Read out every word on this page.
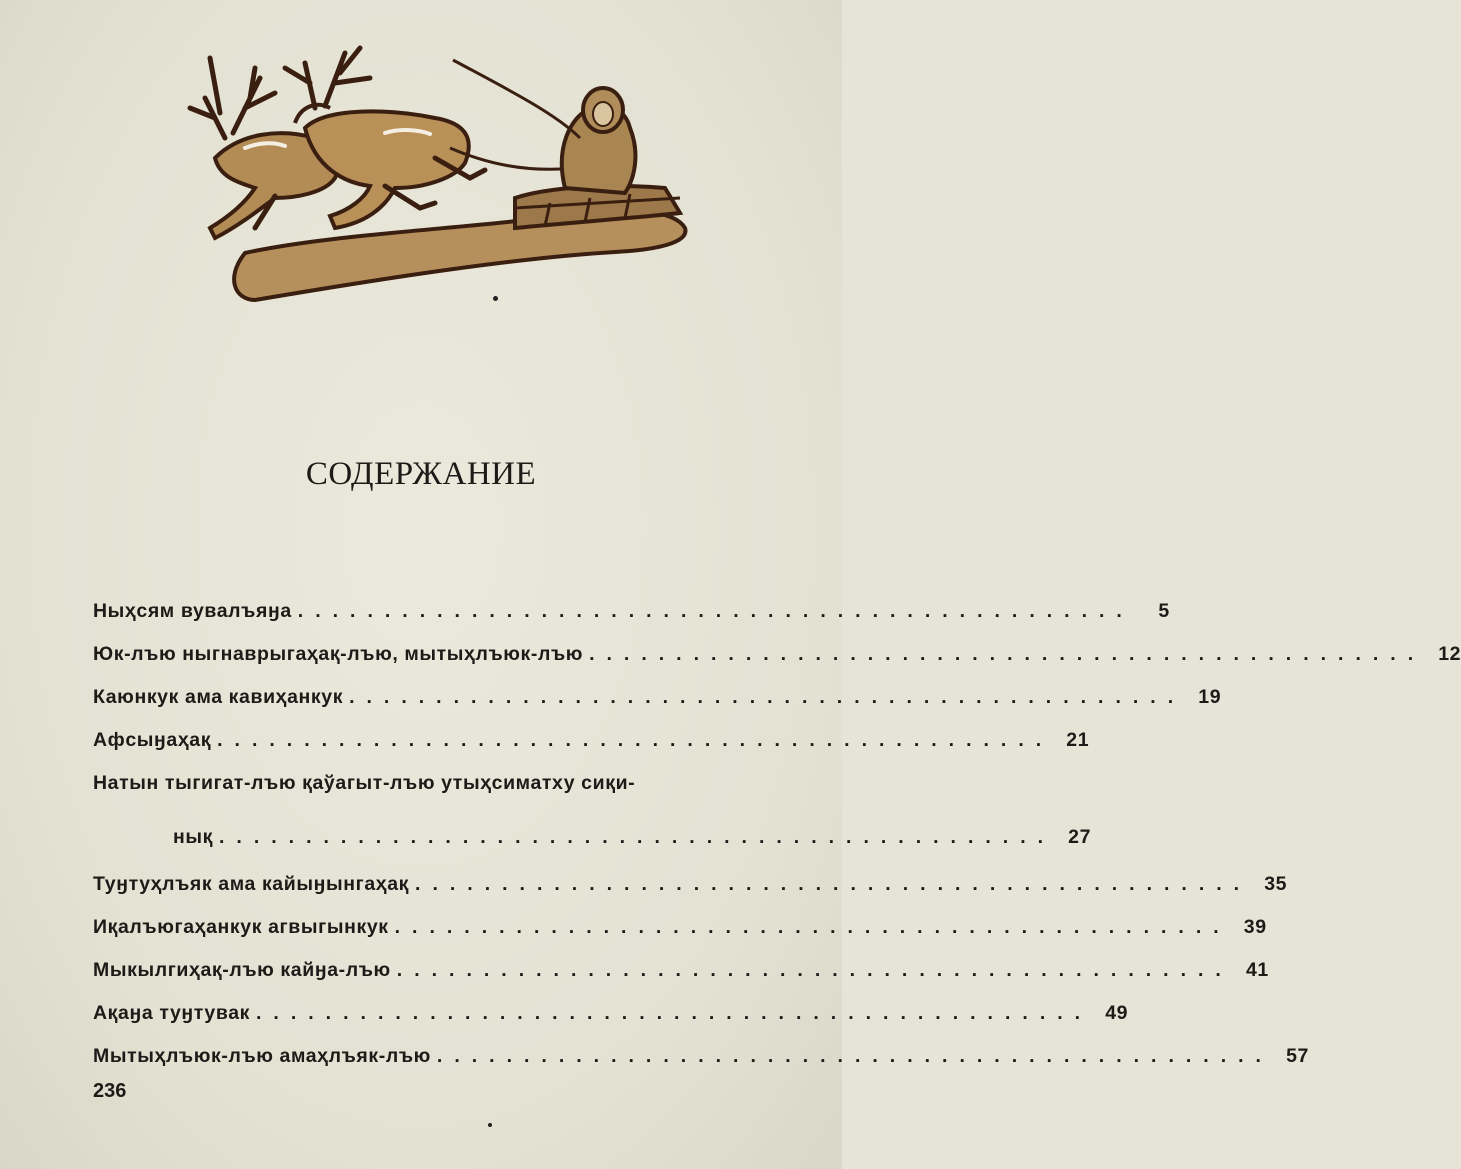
СОДЕРЖАНИЕ
Ныҳсям вувалъяӈа ................................................	5
Юк-лъю ныгнаврыгаҳақ-лъю, мытыҳлъюк-лъю ................................................ 12
Каюнкук ама кавиҳанкук ................................................ 19
Афсыӈаҳақ ................................................ 21
Натын тыгигат-лъю қаўагыт-лъю утыҳсиматху сиқи-
нық ................................................ 27
Туӈтуҳлъяк ама кайыӈынгаҳақ ................................................ 35
Иқалъюгаҳанкук агвыгынкук ................................................ 39
Мыкылгиҳақ-лъю кайӈа-лъю ................................................ 41
Ақаӈа туӈтувак ................................................ 49
Мытыҳлъюк-лъю амаҳлъяк-лъю ................................................ 57
236
